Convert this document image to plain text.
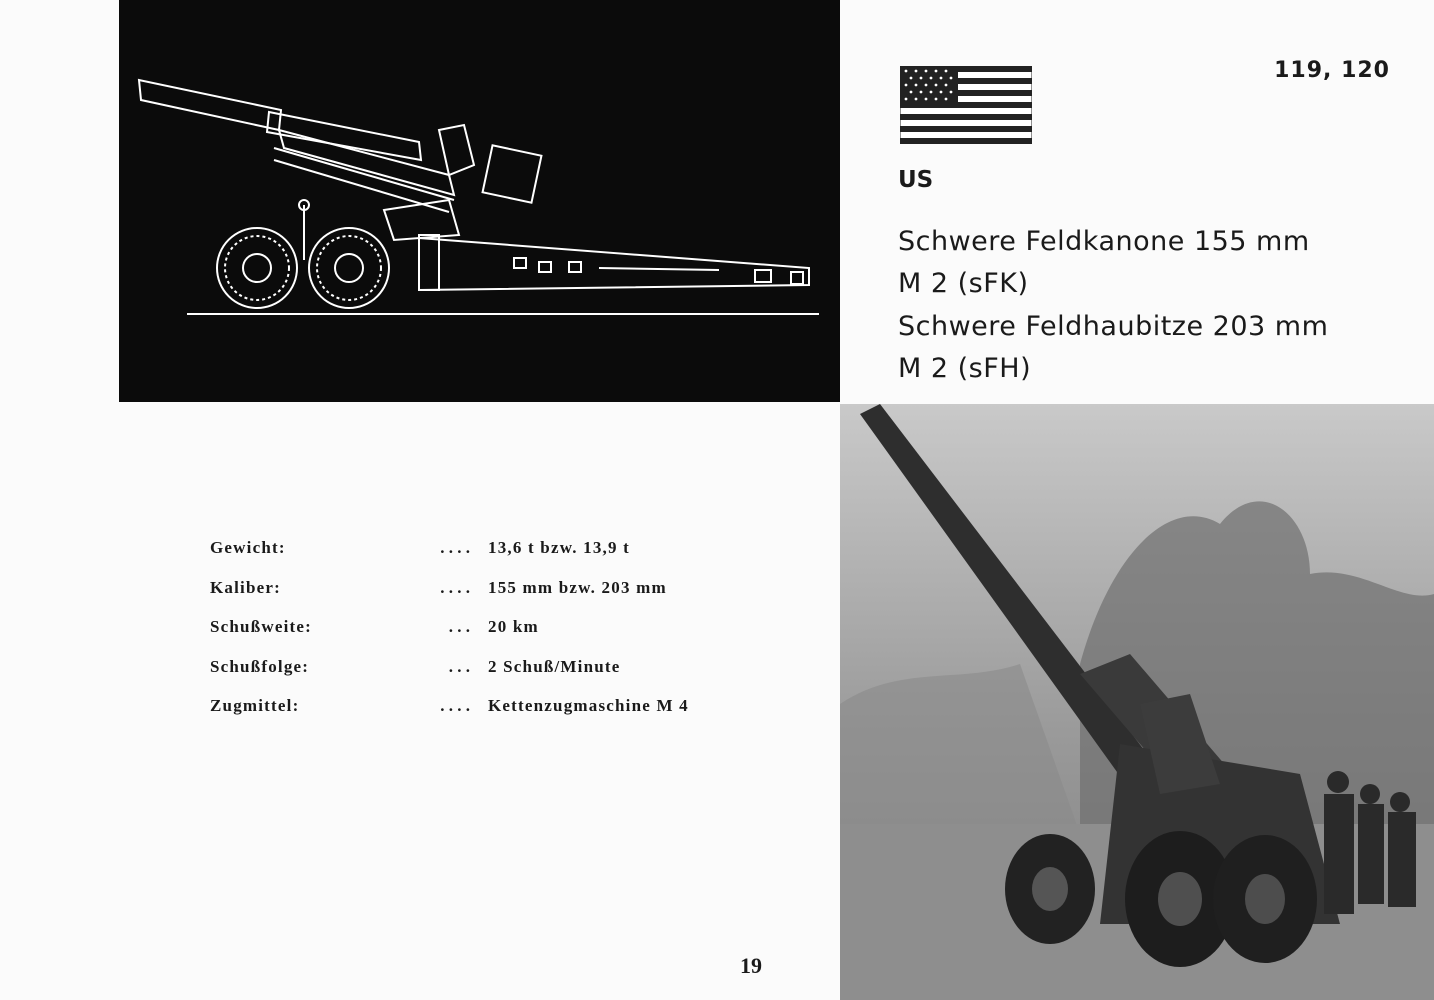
119, 120
US
Schwere Feldkanone 155 mm
M 2 (sFK)
Schwere Feldhaubitze 203 mm
M 2 (sFH)
Gewicht:	. . . . 13,6 t bzw. 13,9 t
Kaliber:	. . . . 155 mm bzw. 203 mm
Schußweite:	. . . 20 km
Schußfolge:	. . . 2 Schuß/Minute
Zugmittel:	. . . . Kettenzugmaschine M 4
19
